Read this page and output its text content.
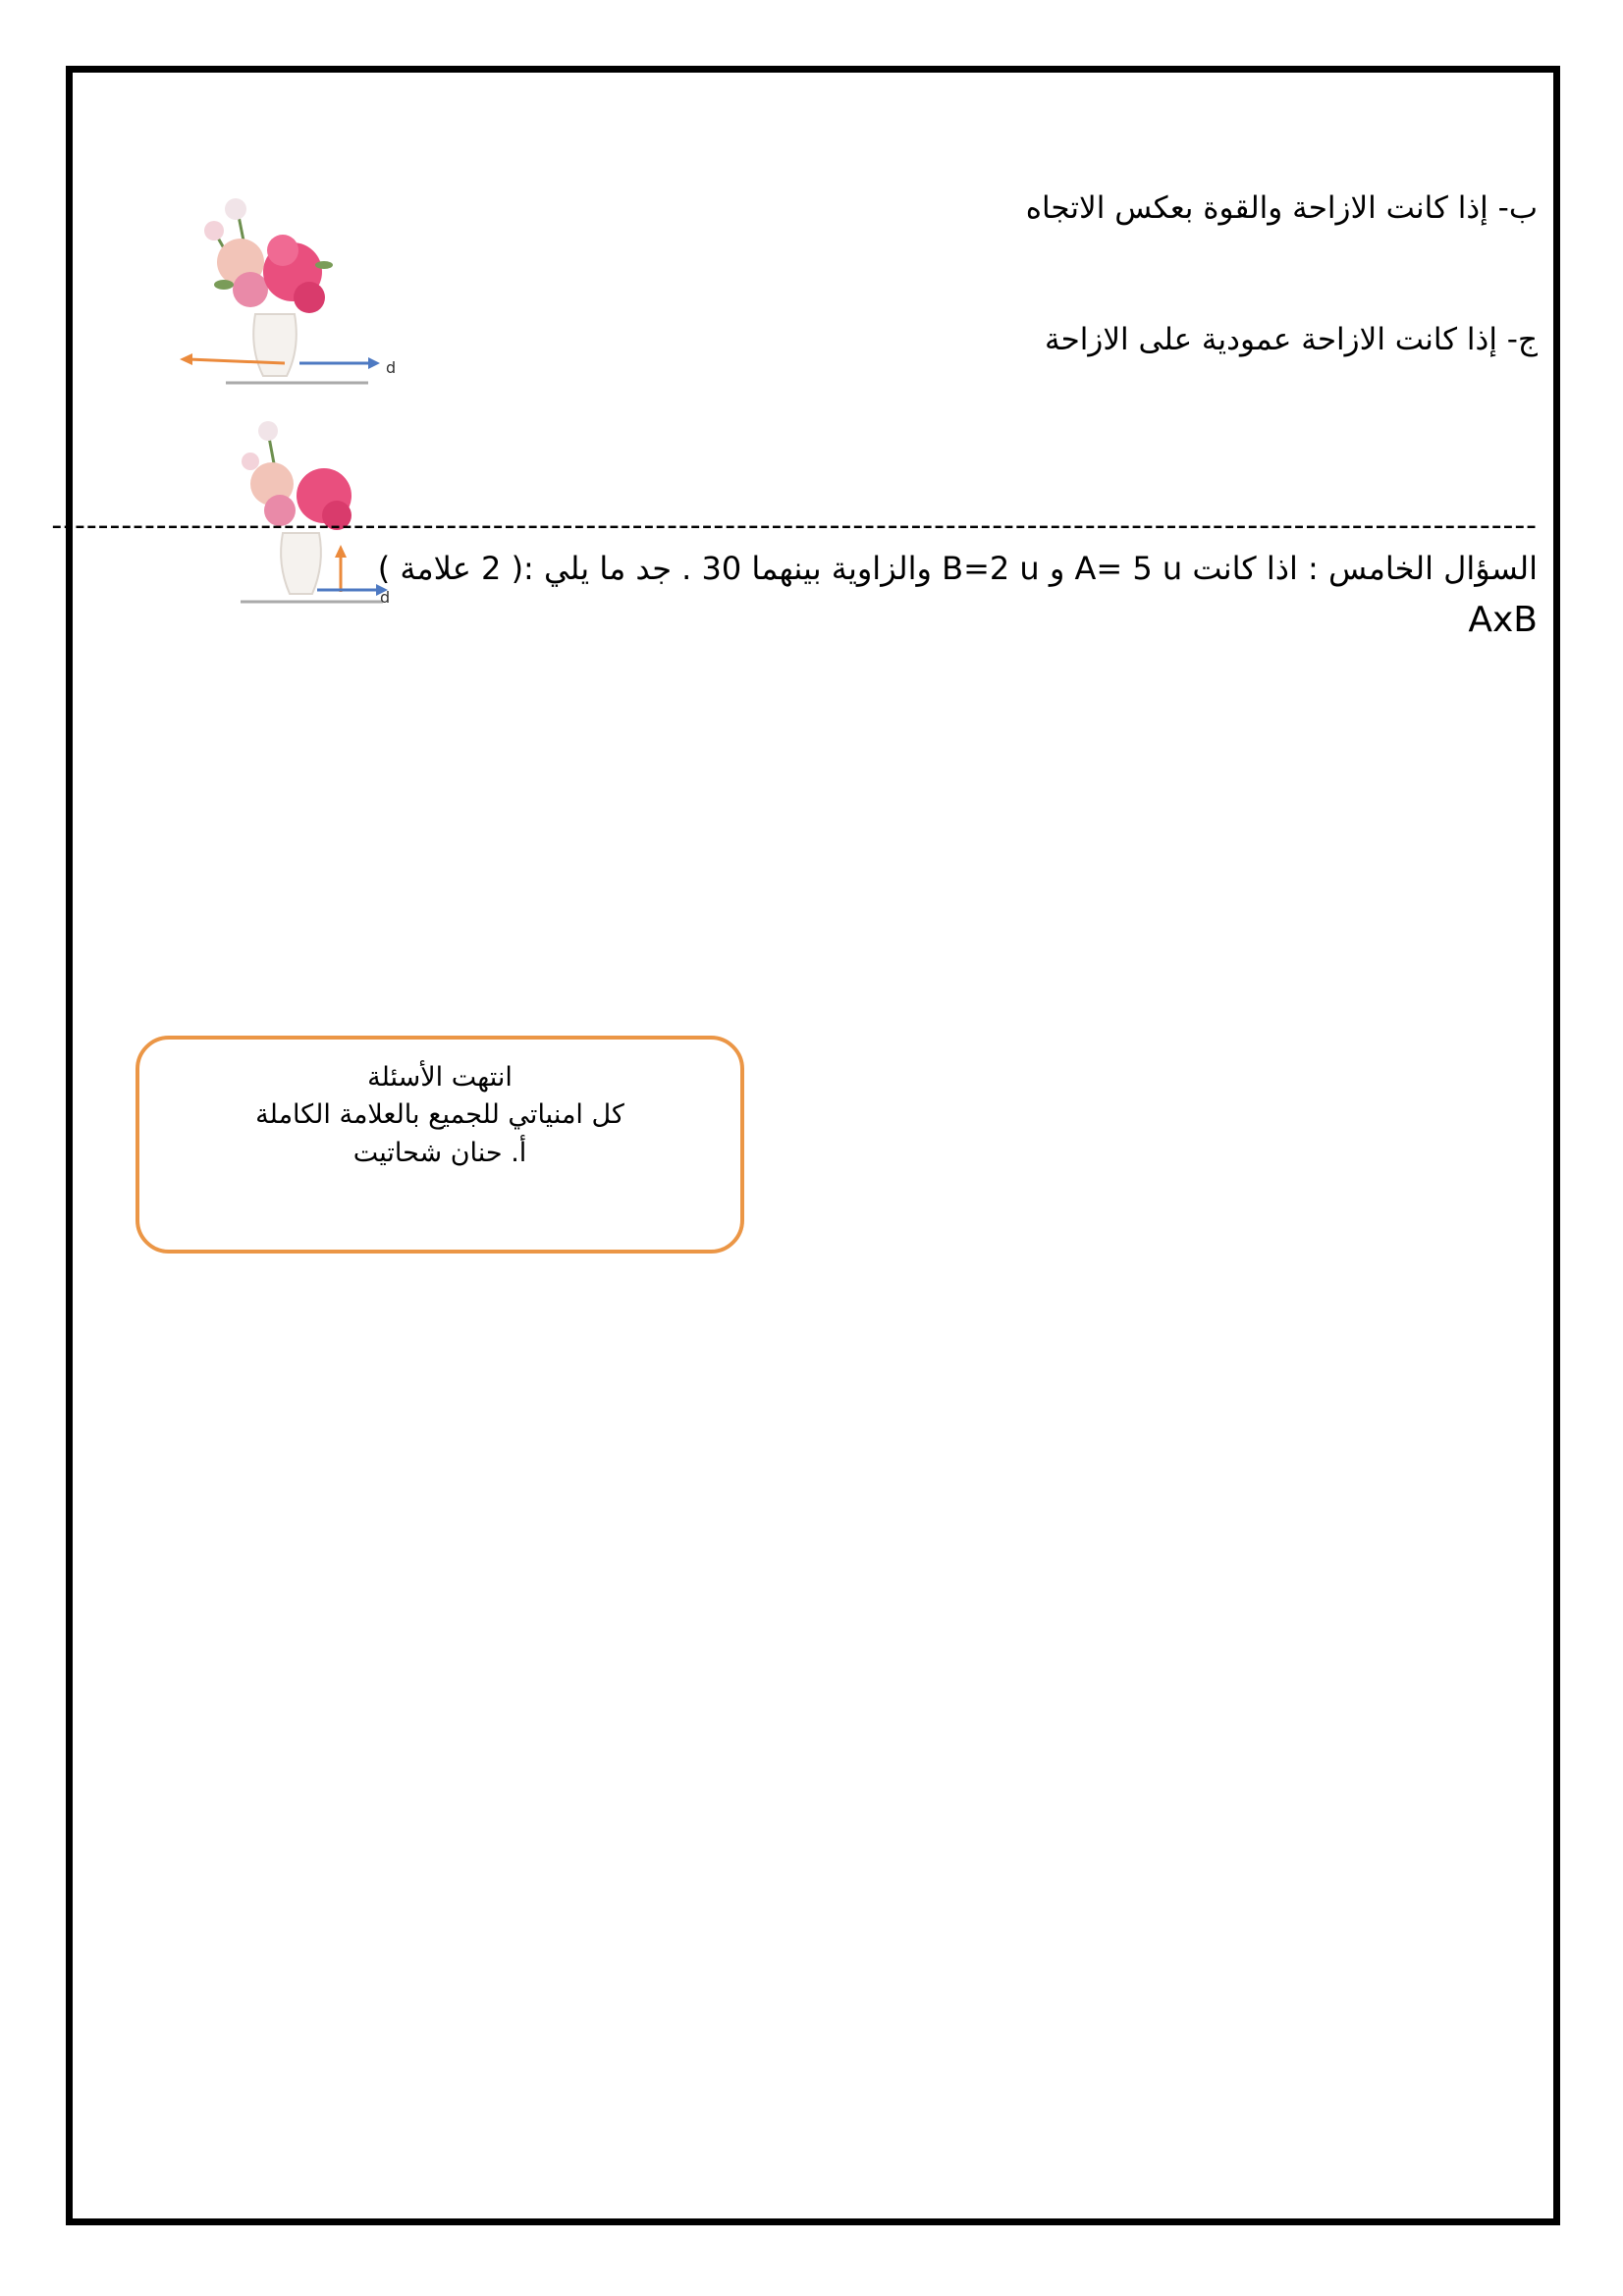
ب- إذا كانت الازاحة والقوة بعكس الاتجاه
ج- إذا كانت الازاحة عمودية على الازاحة
d
d
--------------------------------------------------------------------------------------------------------------------------------
السؤال الخامس : اذا كانت A= 5 u و B=2 u والزاوية بينهما 30 . جد ما يلي :( 2 علامة )
AxB
انتهت الأسئلة
كل امنياتي للجميع بالعلامة الكاملة
أ. حنان شحاتيت
